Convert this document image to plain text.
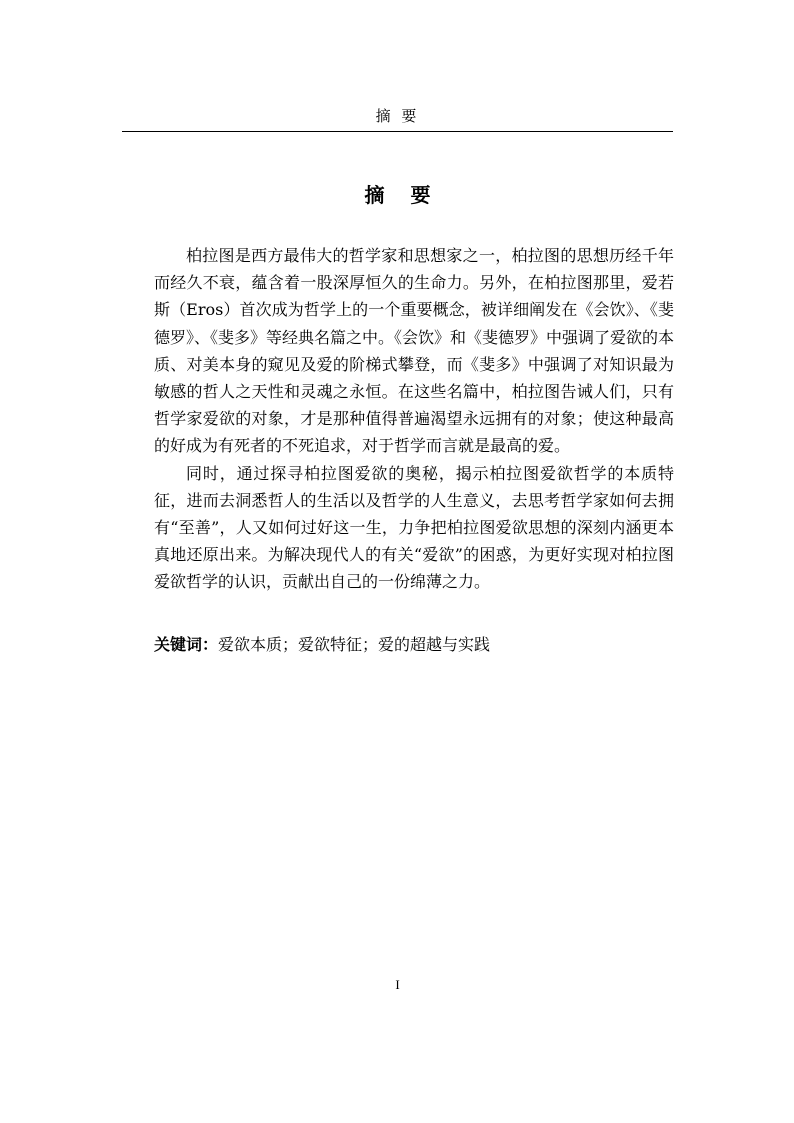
摘 要
摘 要

柏拉图是西方最伟大的哲学家和思想家之一，柏拉图的思想历经千年而经久不衰，蕴含着一股深厚恒久的生命力。另外，在柏拉图那里，爱若斯（Eros）首次成为哲学上的一个重要概念，被详细阐发在《会饮》、《斐德罗》、《斐多》等经典名篇之中。《会饮》和《斐德罗》中强调了爱欲的本质、对美本身的窥见及爱的阶梯式攀登，而《斐多》中强调了对知识最为敏感的哲人之天性和灵魂之永恒。在这些名篇中，柏拉图告诫人们，只有哲学家爱欲的对象，才是那种值得普遍渴望永远拥有的对象；使这种最高的好成为有死者的不死追求，对于哲学而言就是最高的爱。

同时，通过探寻柏拉图爱欲的奥秘，揭示柏拉图爱欲哲学的本质特征，进而去洞悉哲人的生活以及哲学的人生意义，去思考哲学家如何去拥有“至善”，人又如何过好这一生，力争把柏拉图爱欲思想的深刻内涵更本真地还原出来。为解决现代人的有关“爱欲”的困惑，为更好实现对柏拉图爱欲哲学的认识，贡献出自己的一份绵薄之力。

关键词：爱欲本质；爱欲特征；爱的超越与实践
I
